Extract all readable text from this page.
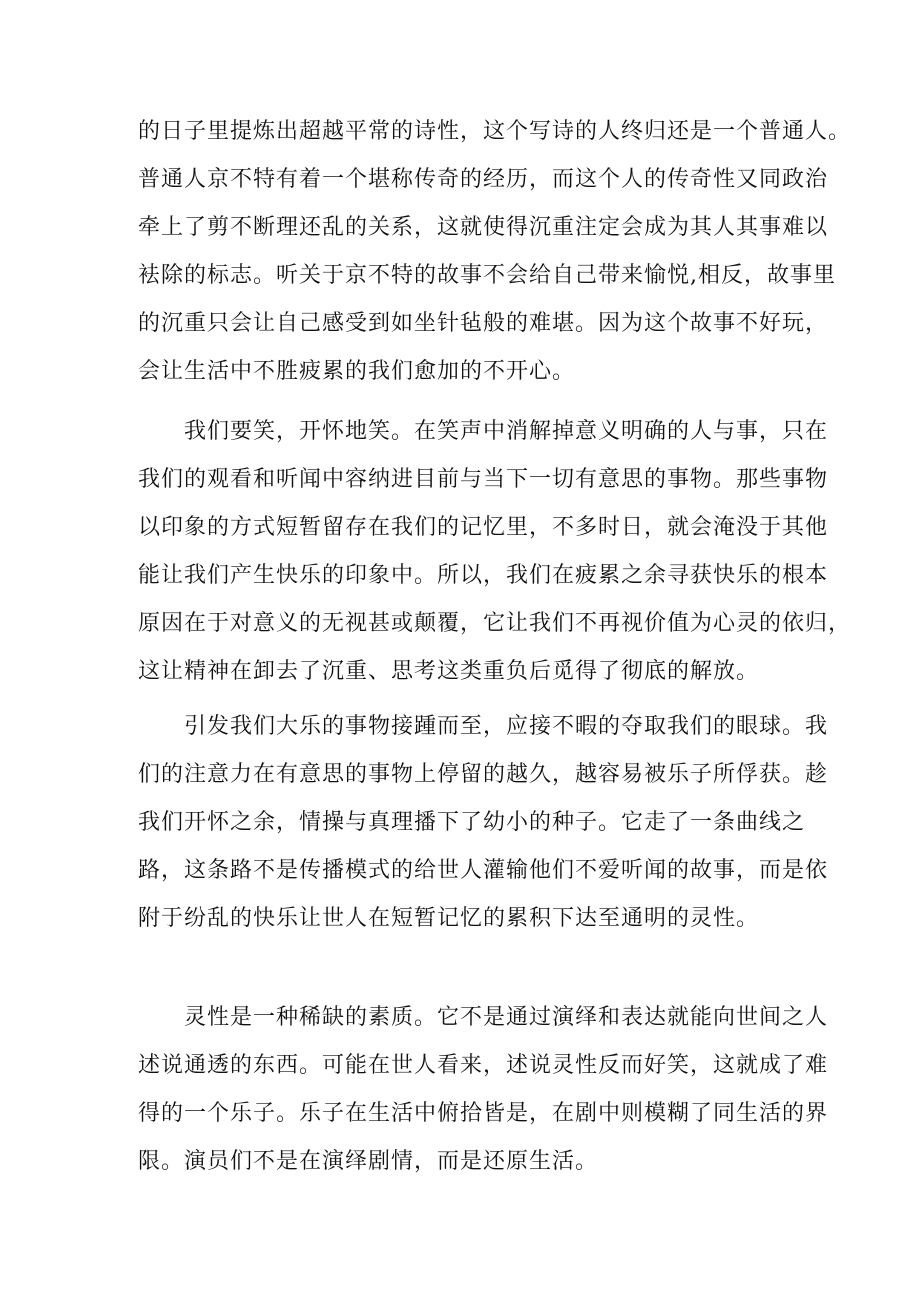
的日子里提炼出超越平常的诗性，这个写诗的人终归还是一个普通人。
普通人京不特有着一个堪称传奇的经历，而这个人的传奇性又同政治
牵上了剪不断理还乱的关系，这就使得沉重注定会成为其人其事难以
袪除的标志。听关于京不特的故事不会给自己带来愉悦,相反，故事里
的沉重只会让自己感受到如坐针毡般的难堪。因为这个故事不好玩，
会让生活中不胜疲累的我们愈加的不开心。
　　我们要笑，开怀地笑。在笑声中消解掉意义明确的人与事，只在
我们的观看和听闻中容纳进目前与当下一切有意思的事物。那些事物
以印象的方式短暂留存在我们的记忆里，不多时日，就会淹没于其他
能让我们产生快乐的印象中。所以，我们在疲累之余寻获快乐的根本
原因在于对意义的无视甚或颠覆，它让我们不再视价值为心灵的依归，
这让精神在卸去了沉重、思考这类重负后觅得了彻底的解放。
　　引发我们大乐的事物接踵而至，应接不暇的夺取我们的眼球。我
们的注意力在有意思的事物上停留的越久，越容易被乐子所俘获。趁
我们开怀之余，情操与真理播下了幼小的种子。它走了一条曲线之
路，这条路不是传播模式的给世人灌输他们不爱听闻的故事，而是依
附于纷乱的快乐让世人在短暂记忆的累积下达至通明的灵性。
　　灵性是一种稀缺的素质。它不是通过演绎和表达就能向世间之人
述说通透的东西。可能在世人看来，述说灵性反而好笑，这就成了难
得的一个乐子。乐子在生活中俯拾皆是，在剧中则模糊了同生活的界
限。演员们不是在演绎剧情，而是还原生活。
